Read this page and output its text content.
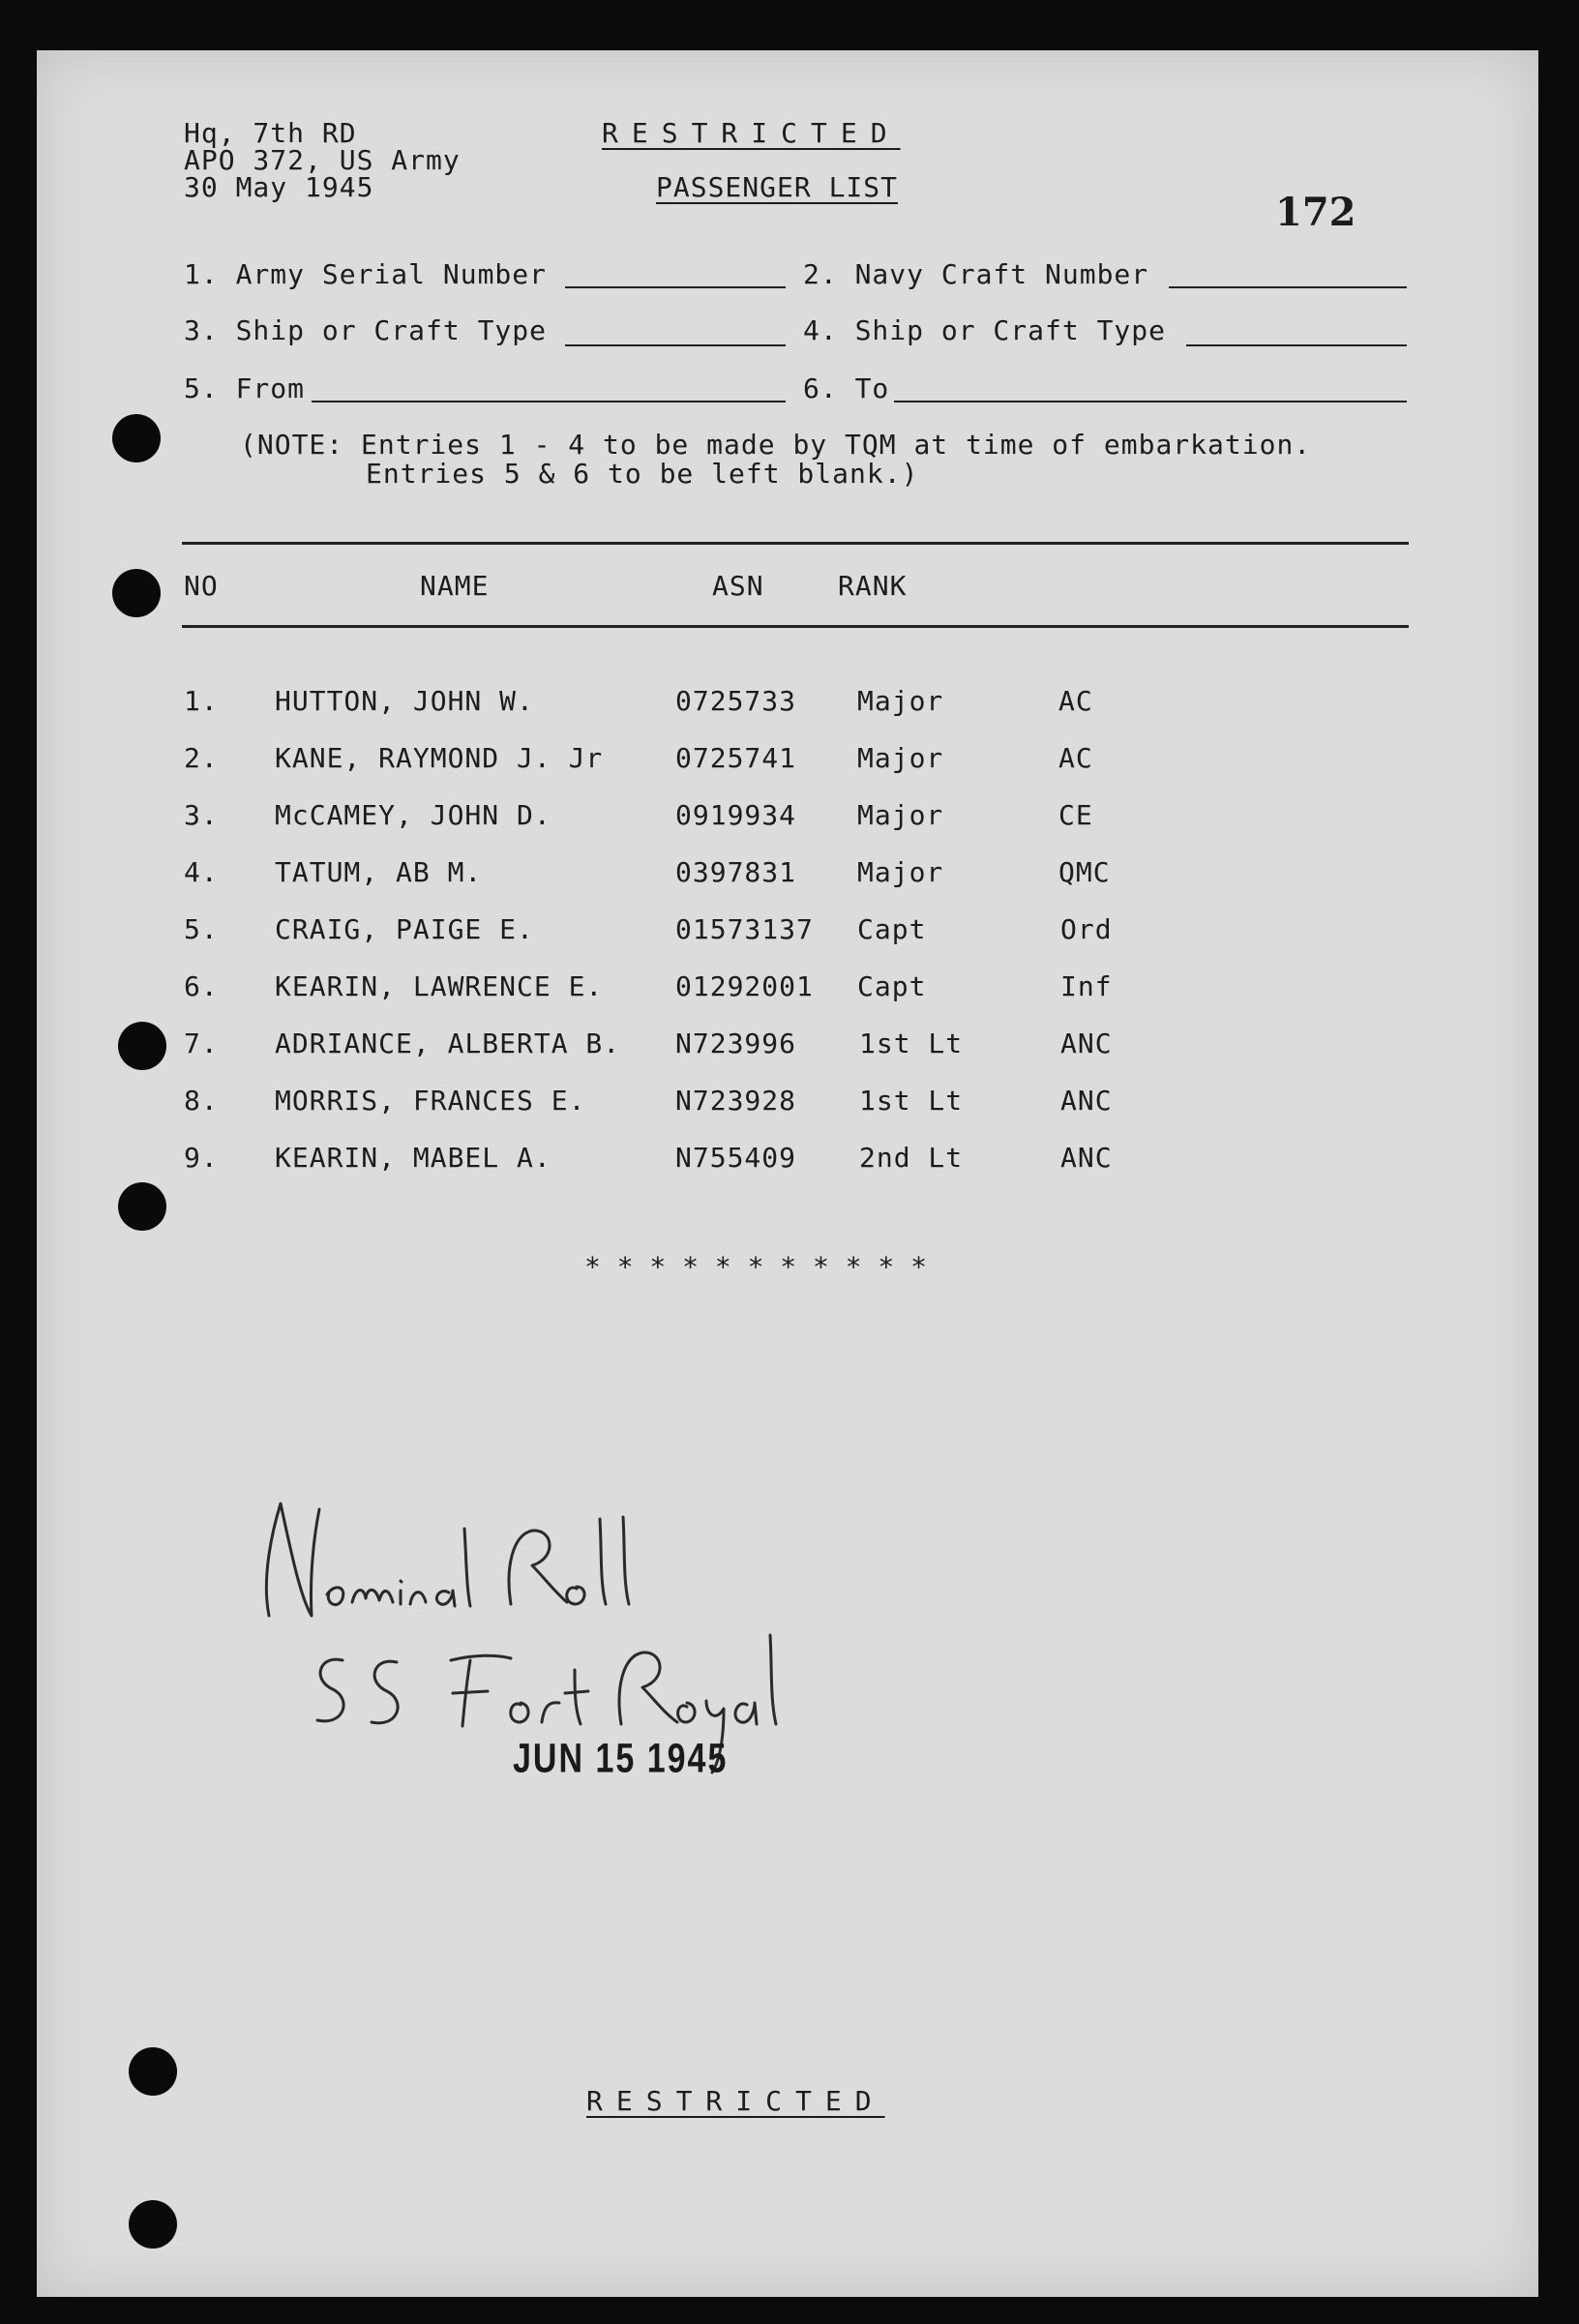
Hq, 7th RD
APO 372, US Army
30 May 1945
RESTRICTED
PASSENGER LIST
172
1. Army Serial Number	2. Navy Craft Number
3. Ship or Craft Type	4. Ship or Craft Type
5. From	6. To
(NOTE: Entries 1 - 4 to be made by TQM at time of embarkation.
Entries 5 & 6 to be left blank.)
NO	NAME	ASN	RANK
1. HUTTON, JOHN W.	0725733 Major	AC
2. KANE, RAYMOND J. Jr	0725741 Major	AC
3. McCAMEY, JOHN D.	0919934 Major	CE
4. TATUM, AB M.	0397831 Major	QMC
5. CRAIG, PAIGE E.	01573137 Capt	Ord
6. KEARIN, LAWRENCE E.	01292001 Capt	Inf
7. ADRIANCE, ALBERTA B. N723996 1st Lt	ANC
8. MORRIS, FRANCES E.	N723928 1st Lt	ANC
9. KEARIN, MABEL A.	N755409 2nd Lt	ANC
* * * * * * * * * * *
JUN 15 1945
RESTRICTED
